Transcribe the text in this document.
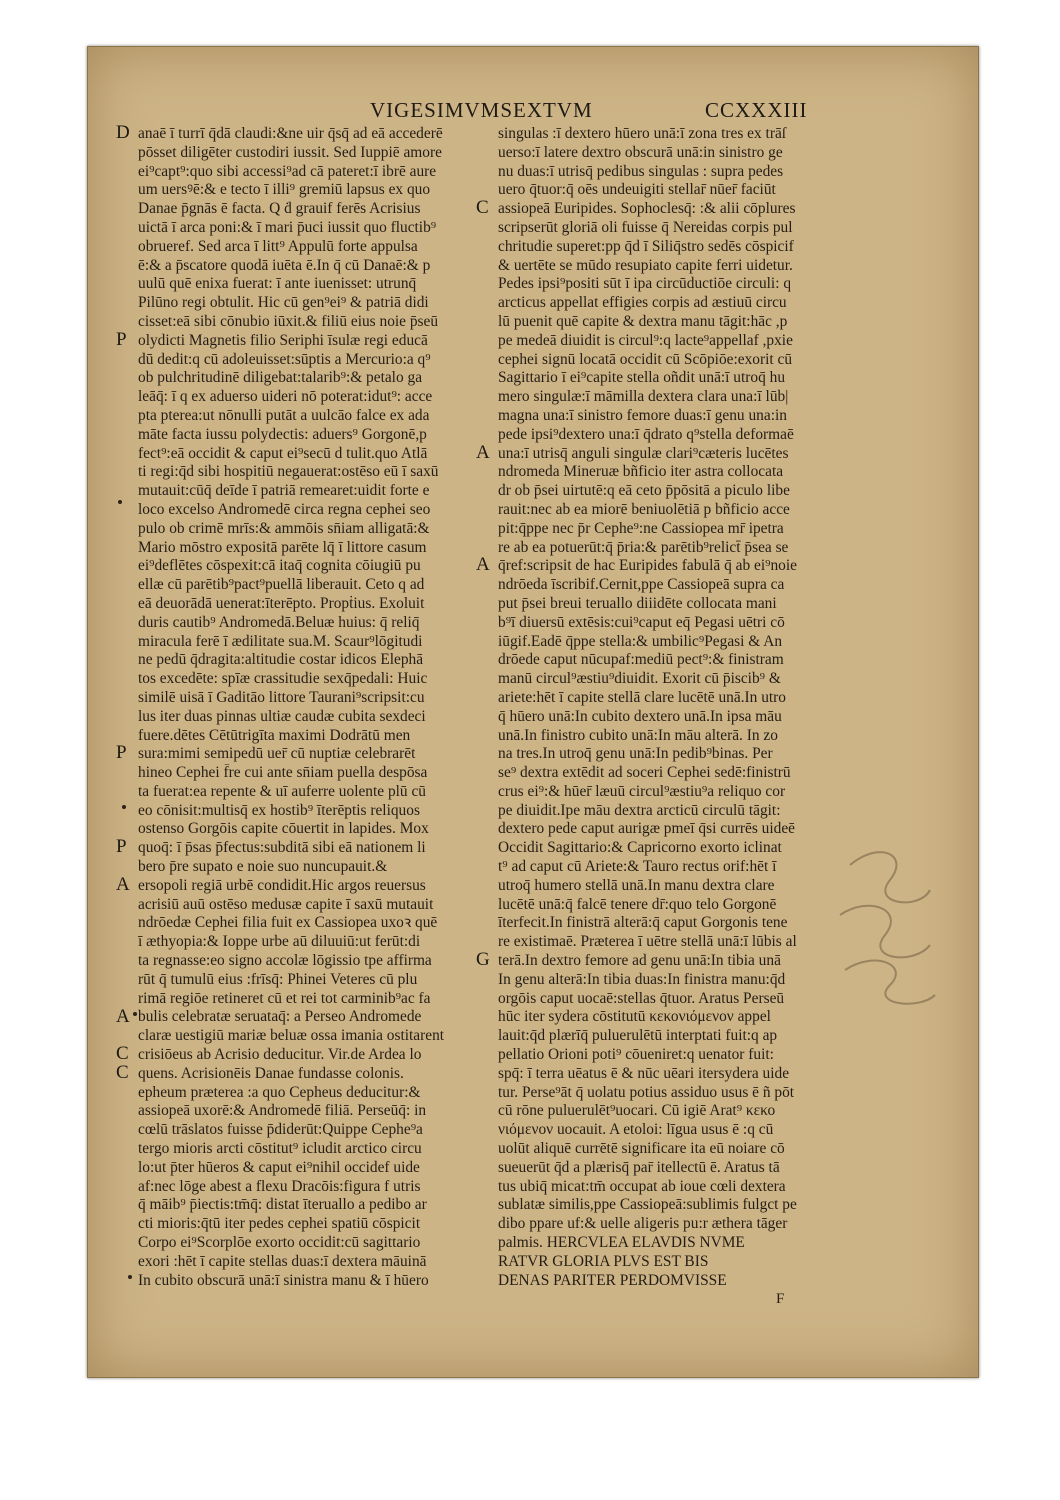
VIGESIMVMSEXTVM	CCXXXIII
anaē ī turrī q̄dā claudi:&ne uir q̄sq̄ ad eā accederē
pōsset diligēter custodiri iussit. Sed Iuppiē amore
ei⁹capt⁹:quo sibi accessi⁹ad cā pateret:ī ibrē aure
um uersꝰē:& e tecto ī illi⁹ gremiū lapsus ex quo
Danae p̄gnās ē facta. Q ḋ grauif ferēs Acrisius
uictā ī arca poni:& ī mari p̄uci iussit quo fluctib⁹
obrueref. Sed arca ī litt⁹ Appulū forte appulsa
ē:& a p̄scatore quodā iuēta ē.In q̄ cū Danaē:& p
uulū quē enixa fuerat: ī ante iuenisset: utrunq̄
Pilūno regi obtulit. Hic cū gen⁹ei⁹ & patriā didi
cisset:eā sibi cōnubio iūxit.& filiū eius noie p̄seū
olydicti Magnetis filio Seriphi īsulæ regi educā
dū dedit:q cū adoleuisset:sūptis a Mercurio:a q⁹
ob pulchritudinē diligebat:talarib⁹:& petalo ga
leāq̄: ī q ex aduerso uideri nō poterat:idut⁹: acce
pta pterea:ut nōnulli putāt a uulcāo falce ex ada
māte facta iussu polydectis: aduers⁹ Gorgonē,p
fect⁹:eā occidit & caput ei⁹secū d tulit.quo Atlā
ti regi:q̄d sibi hospitiū negauerat:ostēso eū ī saxū
mutauit:cūq̄ deīde ī patriā remearet:uidit forte e
loco excelso Andromedē circa regna cephei seo
pulo ob crimē mrīs:& ammōis sn̄iam alligatā:&
Mario mōstro expositā parēte lq̄ ī littore casum
ei⁹deflētes cōspexit:cā itaq̄ cognita cōiugiū pu
ellæ cū parētib⁹pact⁹puellā liberauit. Ceto q ad
eā deuorādā uenerat:īterēpto. Propṫius. Exoluit
duris cautib⁹ Andromedā.Beluæ huius: q̄ reliq̄
miracula ferē ī ædilitate sua.M. Scaur⁹lōgitudi
ne pedū q̄dragita:altitudie costar idicos Elephā
tos excedēte: spīæ crassitudie sexq̄pedali: Huic
similē uisā ī Gaditāo littore Taurani⁹scripsit:cu
lus iter duas pinnas ultiæ caudæ cubita sexdeci
fuere.dētes Cētūtrigīta maximi Dodrātū men
sura:mimi semipedū uer̄ cū nuptiæ celebrarēt
hineo Cephei f̄re cui ante sn̄iam puella despōsa
ta fuerat:ea repente & uī auferre uolente plū cū
eo cōnisit:multisq̄ ex hostib⁹ īterēptis reliquos
ostenso Gorgōis capite cōuertit in lapides. Mox
quoq̄: ī p̄sas p̄fectus:subditā sibi eā nationem li
bero p̄re supato e noie suo nuncupauit.&
ersopoli regiā urbē condidit.Hic argos reuersus
acrisiū auū ostēso medusæ capite ī saxū mutauit
ndrōedæ Cephei filia fuit ex Cassiopea uxoꝛ quē
ī æthyopia:& Ioppe urbe aū diluuiū:ut ferūt:di
ta regnasse:eo signo accolæ lōgissio tpe affirma
rūt q̄ tumulū eius :frīsq̄: Phinei Veteres cū plu
rimā regiōe retineret cū et rei tot carminib⁹ac fa
bulis celebratæ seruataq̄: a Perseo Andromede
claræ uestigiū mariæ beluæ ossa imania ostitarent
crisiōeus ab Acrisio deducitur. Vir.de Ardea lo
quens. Acrisionēis Danae fundasse colonis.
epheum præterea :a quo Cepheus deducitur:&
assiopeā uxorē:& Andromedē filiā. Perseūq̄: in
cœlū trāslatos fuisse p̄diderūt:Quippe Cephe⁹a
tergo mioris arcti cōstitut⁹ icludit arctico circu
lo:ut p̄ter hūeros & caput ei⁹nihil occidef uide
af:nec lōge abest a flexu Dracōis:figura f utris
q̄ māib⁹ p̄iectis:tm̄q̄: distat īteruallo a pedibo ar
cti mioris:q̄tū iter pedes cephei spatiū cōspicit
Corpo ei⁹Scorplōe exorto occidit:cū sagittario
exori :hēt ī capite stellas duas:ī dextera māuinā
In cubito obscurā unā:ī sinistra manu & ī hūero
D
P
P
P
A
A
C
C
singulas :ī dextero hūero unā:ī zona tres ex trāſ
uerso:ī latere dextro obscurā unā:in sinistro ge
nu duas:ī utrisq̄ pedibus singulas : supra pedes
uero q̄tuor:q̄ oēs undeuigiti stellar̄ nūer̄ faciūt
assiopeā Euripides. Sophoclesq̄: :& alii cōplures
scripserūt gloriā oli fuisse q̄ Nereidas corpis pul
chritudie superet:pp q̄d ī Siliq̄stro sedēs cōspicif
& uertēte se mūdo resupiato capite ferri uidetur.
Pedes ipsi⁹positi sūt ī ipa circūductiōe circuli: q
arcticus appellat effigies corpis ad æstiuū circu
lū puenit quē capite & dextra manu tāgit:hāc ,p
pe medeā diuidit is circul⁹:q lacte⁹appellaf ,pxie
cephei signū locatā occidit cū Scōpiōe:exorit cū
Sagittario ī ei⁹capite stella oñdit unā:ī utroq̄ hu
mero singulæ:ī māmilla dextera clara una:ī lūb|
magna una:ī sinistro femore duas:ī genu una:in
pede ipsi⁹dextero una:ī q̄drato q⁹stella deformaē
una:ī utrisq̄ anguli singulæ clari⁹cæteris lucētes
ndromeda Mineruæ bñficio iter astra collocata
dr ob p̄sei uirtutē:q eā ceto p̄pōsitā a piculo libe
rauit:nec ab ea miorē beniuolētiā p bñficio acce
pit:q̄ppe nec p̄r Cephe⁹:ne Cassiopea mr̄ ipetra
re ab ea potuerūt:q̄ p̄ria:& parētib⁹relict̄ p̄sea se
q̄ref:scripsit de hac Euripides fabulā q̄ ab ei⁹noie
ndrōeda īscribif.Cernit,ppe Cassiopeā supra ca
put p̄sei breui teruallo diiidēte collocata mani
b⁹ī diuersū extēsis:cui⁹caput eq̄ Pegasi uētri cō
iūgif.Eadē q̄ppe stella:& umbilic⁹Pegasi & An
drōede caput nūcupaf:mediū pect⁹:& finistram
manū circul⁹æstiu⁹diuidit. Exorit cū p̄iscib⁹ &
ariete:hēt ī capite stellā clare lucētē unā.In utro
q̄ hūero unā:In cubito dextero unā.In ipsa māu
unā.In finistro cubito unā:In māu alterā. In zo
na tres.In utroq̄ genu unā:In pedib⁹binas. Per
se⁹ dextra extēdit ad soceri Cephei sedē:finistrū
crus ei⁹:& hūer̄ læuū circul⁹æstiu⁹a reliquo cor
pe diuidit.Ipe māu dextra arcticū circulū tāgit:
dextero pede caput aurigæ pmeī q̄si currēs uideē
Occidit Sagittario:& Capricorno exorto iclinat
t⁹ ad caput cū Ariete:& Tauro rectus orif:hēt ī
utroq̄ humero stellā unā.In manu dextra clare
lucētē unā:q̄ falcē tenere dr̄:quo telo Gorgonē
īterfecit.In finistrā alterā:q̄ caput Gorgonis tene
re existimaē. Præterea ī uētre stellā unā:ī lūbis al
terā.In dextro femore ad genu unā:In tibia unā
In genu alterā:In tibia duas:In finistra manu:q̄d
orgōis caput uocaē:stellas q̄tuor. Aratus Perseū
hūc iter sydera cōstitutū κεκονιόμενον appel
lauit:q̄d plærīq̄ puluerulētū interptati fuit:q ap
pellatio Orioni poti⁹ cōueniret:q uenator fuit:
spq̄: ī terra uēatus ē & nūc uēari itersydera uide
tur. Perse⁹āt q̄ uolatu potius assiduo usus ē ñ pōt
cū rōne puluerulēt⁹uocari. Cū igiē Arat⁹ κεκο
νιόμενον uocauit. A etoloi: līgua usus ē :q cū
uolūt aliquē currētē significare ita eū noiare cō
sueuerūt q̄d a plærisq̄ par̄ itellectū ē. Aratus tā
tus ubiq̄ micat:tm̄ occupat ab ioue cœli dextera
sublatæ similis,ppe Cassiopeā:sublimis fulgct pe
dibo ppare uf:& uelle aligeris pu:r æthera tāger
palmis. HERCVLEA ELAVDIS NVME
RATVR GLORIA PLVS EST BIS
DENAS PARITER PERDOMVISSE
C
A
A
G
F
